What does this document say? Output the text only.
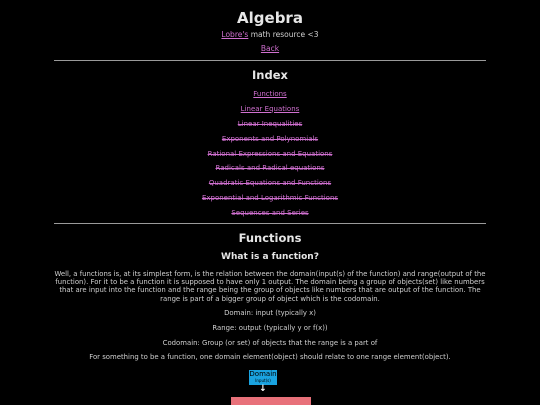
Algebra
Lobre's math resource <3
Back
Index
Functions
Linear Equations
Linear Inequalities
Exponents and Polynomials
Rational Expressions and Equations
Radicals and Radical equations
Quadratic Equations and Functions
Exponential and Logarithmic Functions
Sequences and Series
Functions
What is a function?
Well, a functions is, at its simplest form, is the relation between the domain(input(s) of the function) and range(output of the function). For it to be a function it is supposed to have only 1 output. The domain being a group of objects(set) like numbers that are input into the function and the range being the group of objects like numbers that are output of the function. The range is part of a bigger group of object which is the codomain.
Domain: input (typically x)
Range: output (typically y or f(x))
Codomain: Group (or set) of objects that the range is a part of
For something to be a function, one domain element(object) should relate to one range element(object).
Domain
Input(s)
↓
